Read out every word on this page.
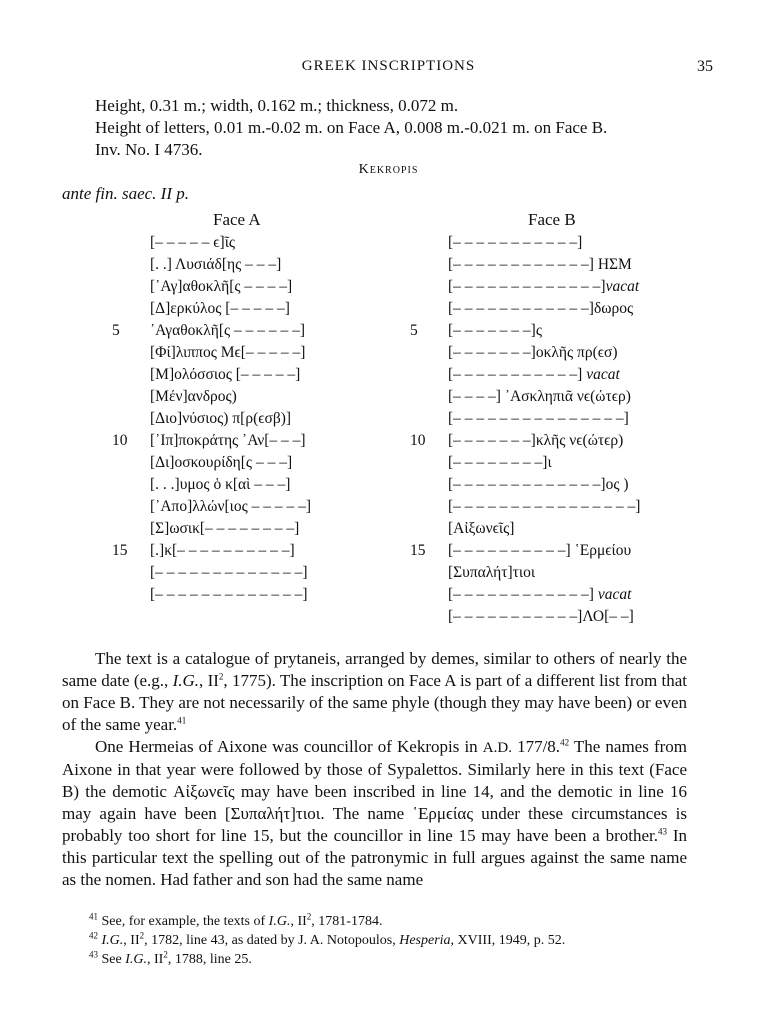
GREEK INSCRIPTIONS	35
Height, 0.31 m.; width, 0.162 m.; thickness, 0.072 m.
Height of letters, 0.01 m.-0.02 m. on Face A, 0.008 m.-0.021 m. on Face B.
Inv. No. I 4736.
Kekropis
ante fin. saec. II p.
Face A	Face B
[– – – – – ϵ]ῖς
[. .] Λυσιάδ[ης – – –]
[᾿Αγ]αθοκλῆ[ς – – – –]
[Δ]ερκύλος [– – – – –]
5 ᾿Αγαθοκλῆ[ς – – – – – –]
[Φί]λιππος Μϵ[– – – – –]
[Μ]ολόσσιος [– – – – –]
[Μέν]ανδρος)
[Διο]νύσιος) π[ρ(ϵσβ)]
10 [᾿Ιπ]ποκράτης ᾿Αν[– – –]
[Δι]οσκουρίδη[ς – – –]
[. . .]υμος ὁ κ[αὶ – – –]
[᾿Απο]λλών[ιος – – – – –]
[Σ]ωσικ[– – – – – – – –]
15 [.]κ[– – – – – – – – – –]
[– – – – – – – – – – – – –]
[– – – – – – – – – – – – –]
[– – – – – – – – – – –]
[– – – – – – – – – – – –] ΗΣΜ
[– – – – – – – – – – – – –]vacat
[– – – – – – – – – – – –]δωρος
5 [– – – – – – –]ς
[– – – – – – –]οκλῆς πρ(ϵσ)
[– – – – – – – – – – –] vacat
[– – – –] ᾿Ασκληπιᾶ νϵ(ώτϵρ)
[– – – – – – – – – – – – – – –]
10 [– – – – – – –]κλῆς νϵ(ώτϵρ)
[– – – – – – – –]ι
[– – – – – – – – – – – – –]ος )
[– – – – – – – – – – – – – – – –]
[Αἰξωνϵῖς]
15 [– – – – – – – – – –] ῾Ερμϵίου
[Συπαλήτ]τιοι
[– – – – – – – – – – – –] vacat
[– – – – – – – – – – –]ΛΟ[– –]

The text is a catalogue of prytaneis, arranged by demes, similar to others of nearly the same date (e.g., I.G., $II^2$, 1775). The inscription on Face A is part of a different list from that on Face B. They are not necessarily of the same phyle (though they may have been) or even of the same year.$^{41}$

One Hermeias of Aixone was councillor of Kekropis in A.D. 177/8.42 The names from Aixone in that year were followed by those of Sypalettos. Similarly here in this text (Face B) the demotic Αἰξωνϵῖς may have been inscribed in line 14, and the demotic in line 16 may again have been [Συπαλήτ]τιοι. The name ῾Ερμϵίας under these circumstances is probably too short for line 15, but the councillor in line 15 may have been a brother.$^{43}$ In this particular text the spelling out of the patronymic in full argues against the same name as the nomen. Had father and son had the same name

$^{41}$ See, for example, the texts of I.G., $II^2$, 1781-1784.
$^{42}$ I.G., $II^2$, 1782, line 43, as dated by J. A. Notopoulos, Hesperia, XVIII, 1949, p. 52.
$^{43}$ See I.G., $II^2$, 1788, line 25.
